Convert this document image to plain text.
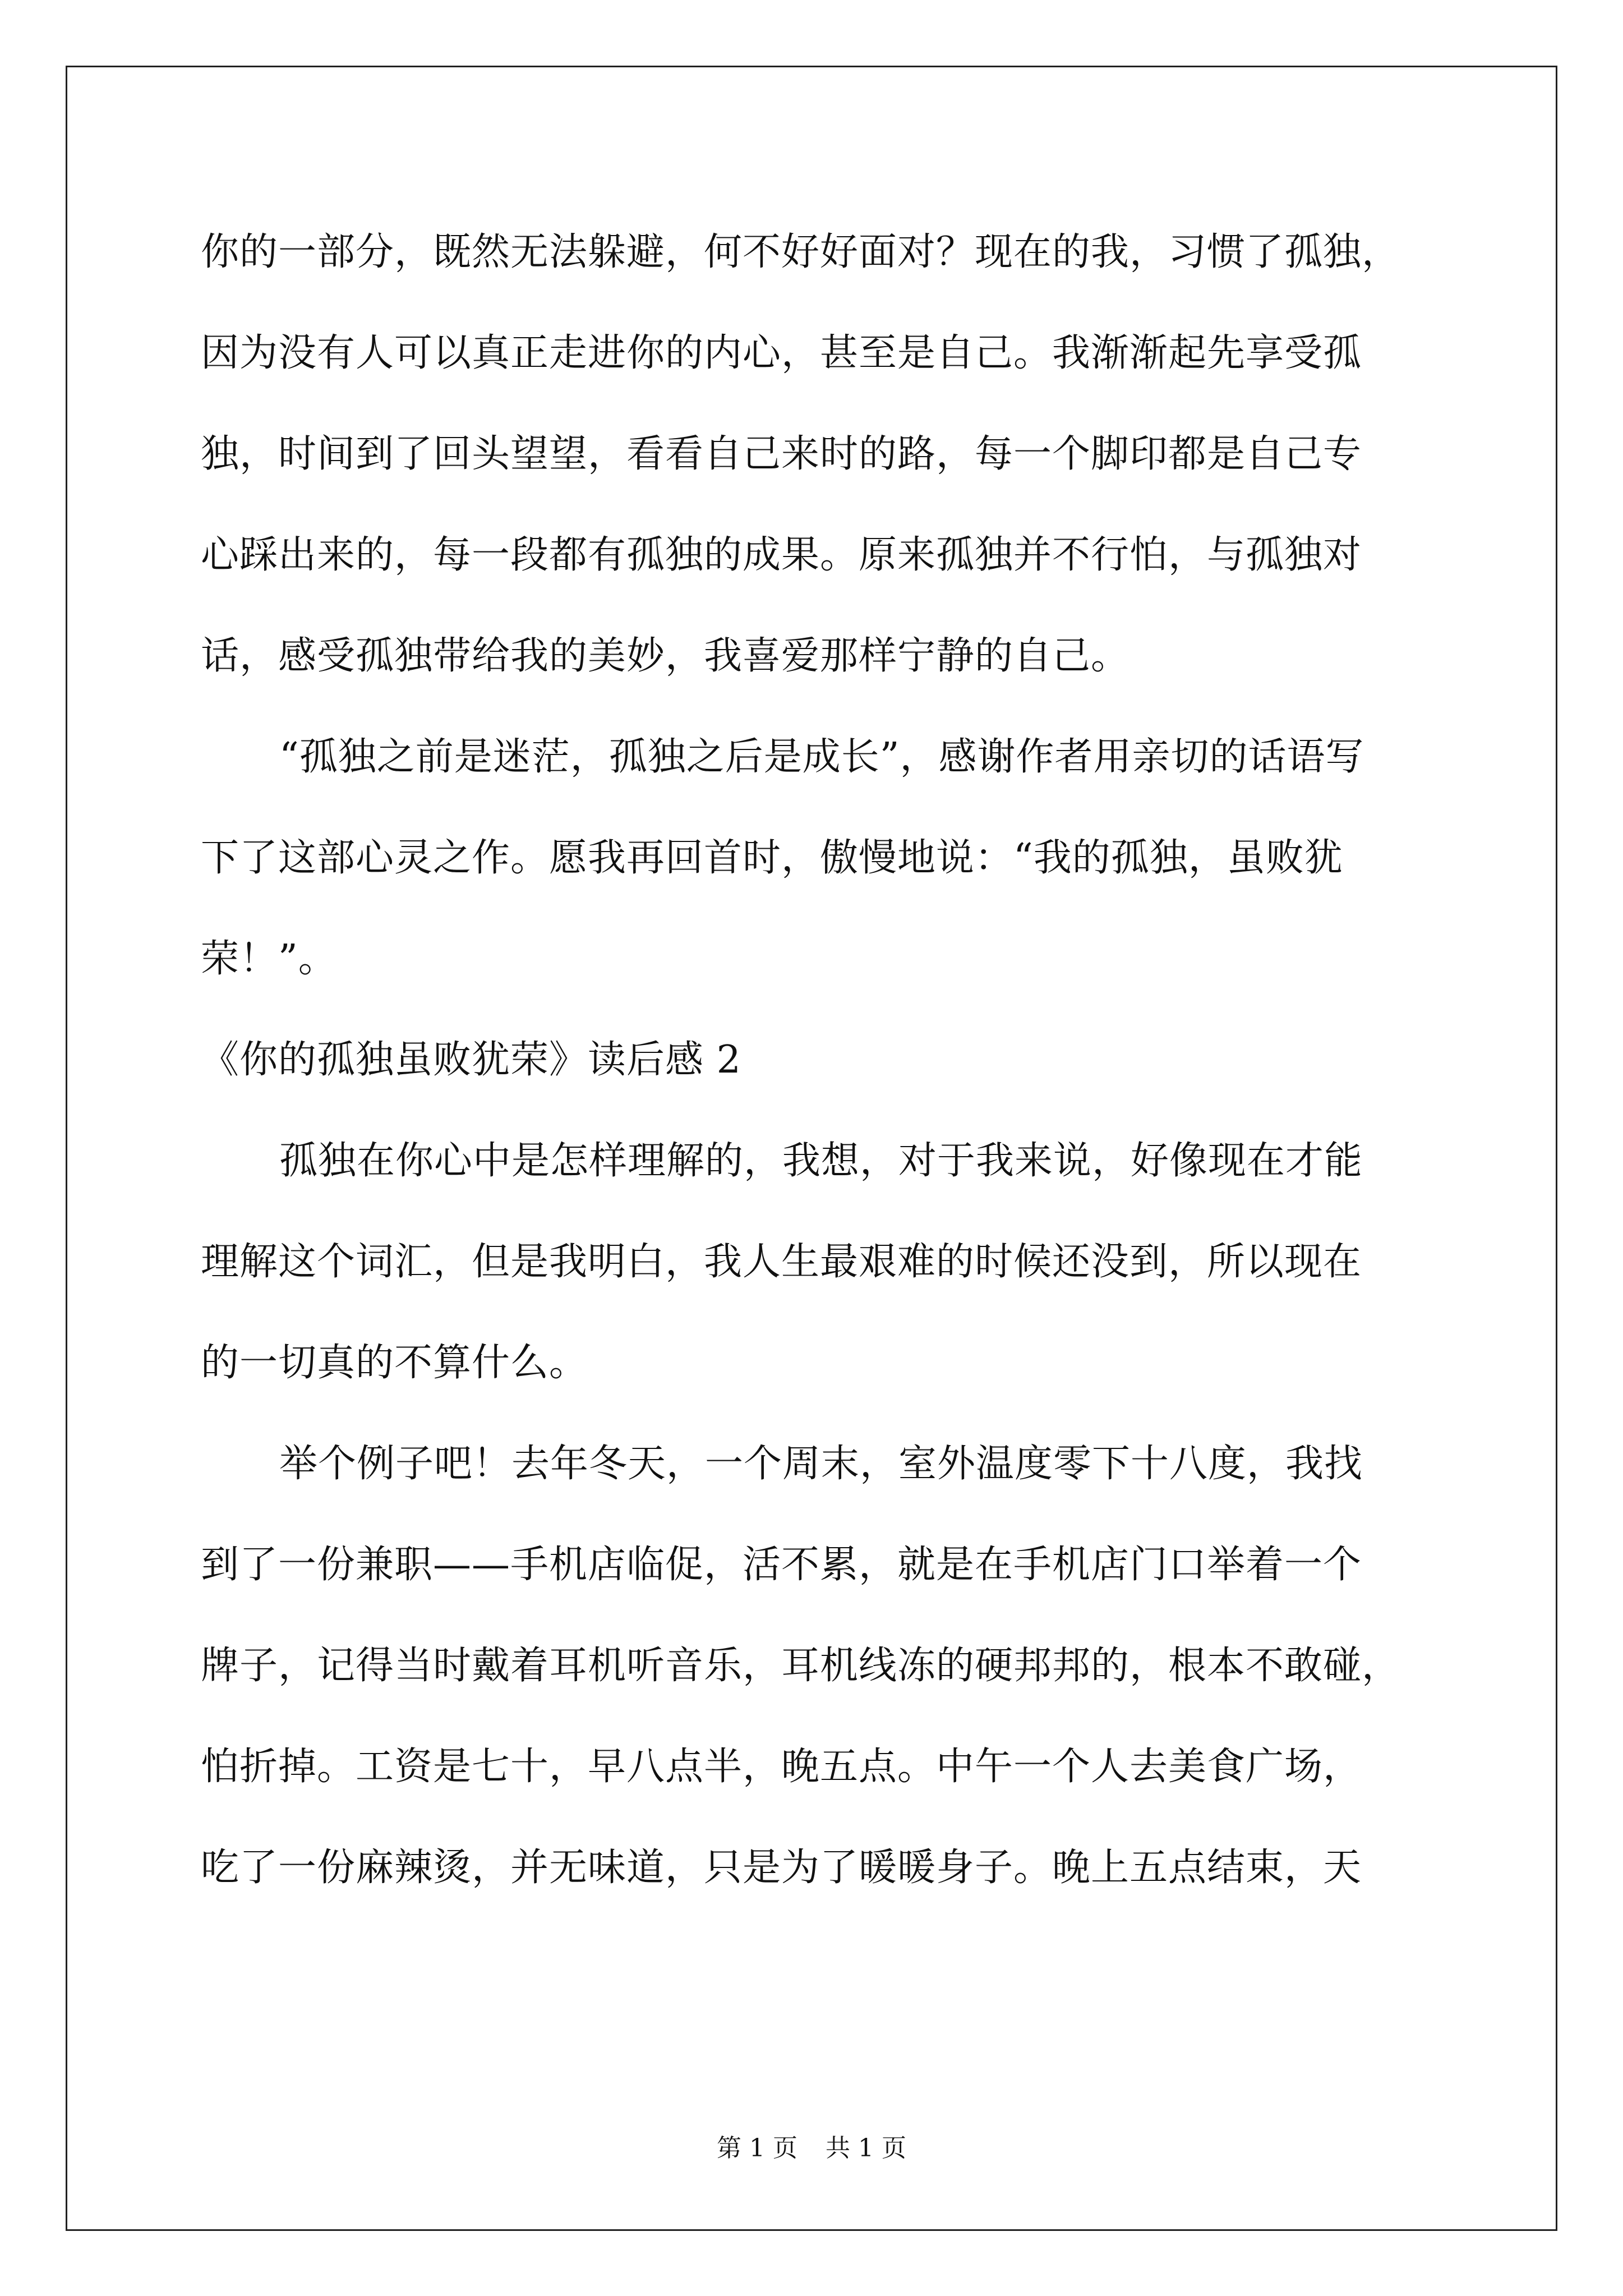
你的一部分，既然无法躲避，何不好好面对？现在的我，习惯了孤独，
因为没有人可以真正走进你的内心，甚至是自己。我渐渐起先享受孤
独，时间到了回头望望，看看自己来时的路，每一个脚印都是自己专
心踩出来的，每一段都有孤独的成果。原来孤独并不行怕，与孤独对
话，感受孤独带给我的美妙，我喜爱那样宁静的自己。
“孤独之前是迷茫，孤独之后是成长”，感谢作者用亲切的话语写
下了这部心灵之作。愿我再回首时，傲慢地说：“我的孤独，虽败犹
荣！”。
《你的孤独虽败犹荣》读后感 2
孤独在你心中是怎样理解的，我想，对于我来说，好像现在才能
理解这个词汇，但是我明白，我人生最艰难的时候还没到，所以现在
的一切真的不算什么。
举个例子吧！去年冬天，一个周末，室外温度零下十八度，我找
到了一份兼职——手机店临促，活不累，就是在手机店门口举着一个
牌子，记得当时戴着耳机听音乐，耳机线冻的硬邦邦的，根本不敢碰，
怕折掉。工资是七十，早八点半，晚五点。中午一个人去美食广场，
吃了一份麻辣烫，并无味道，只是为了暖暖身子。晚上五点结束，天
第 1 页 共 1 页
